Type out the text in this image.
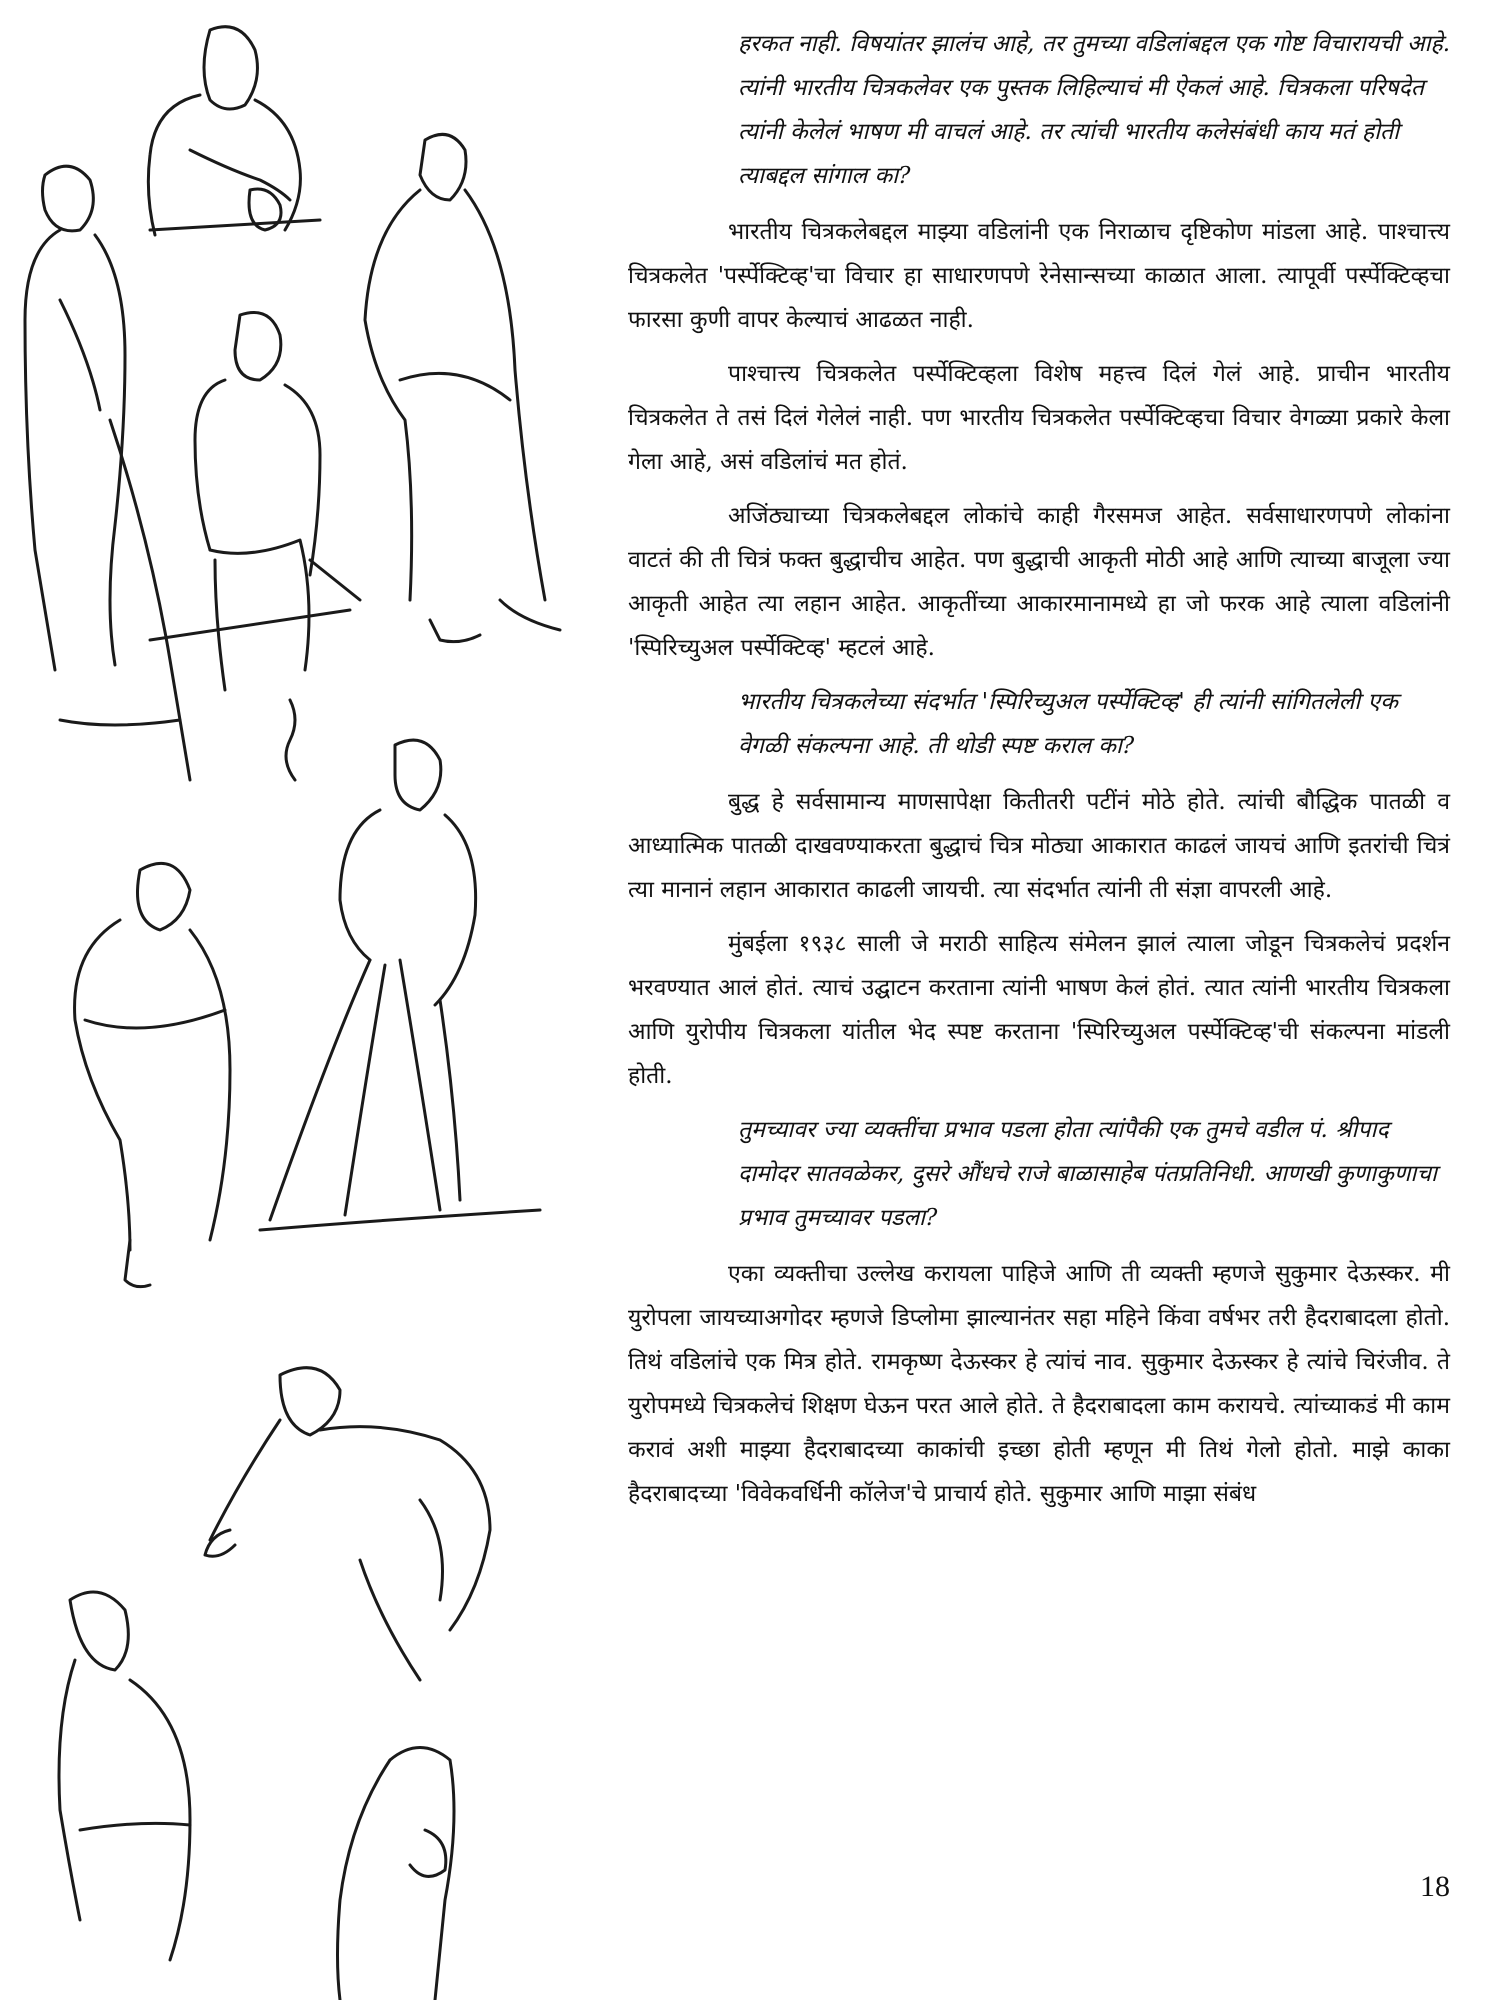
हरकत नाही. विषयांतर झालंच आहे, तर तुमच्या वडिलांबद्दल एक गोष्ट विचारायची आहे. त्यांनी भारतीय चित्रकलेवर एक पुस्तक लिहिल्याचं मी ऐकलं आहे. चित्रकला परिषदेत त्यांनी केलेलं भाषण मी वाचलं आहे. तर त्यांची भारतीय कलेसंबंधी काय मतं होती त्याबद्दल सांगाल का?

भारतीय चित्रकलेबद्दल माझ्या वडिलांनी एक निराळाच दृष्टिकोण मांडला आहे. पाश्चात्त्य चित्रकलेत 'पर्स्पेक्टिव्ह'चा विचार हा साधारणपणे रेनेसान्सच्या काळात आला. त्यापूर्वी पर्स्पेक्टिव्हचा फारसा कुणी वापर केल्याचं आढळत नाही.

पाश्चात्त्य चित्रकलेत पर्स्पेक्टिव्हला विशेष महत्त्व दिलं गेलं आहे. प्राचीन भारतीय चित्रकलेत ते तसं दिलं गेलेलं नाही. पण भारतीय चित्रकलेत पर्स्पेक्टिव्हचा विचार वेगळ्या प्रकारे केला गेला आहे, असं वडिलांचं मत होतं.

अजिंठ्याच्या चित्रकलेबद्दल लोकांचे काही गैरसमज आहेत. सर्वसाधारणपणे लोकांना वाटतं की ती चित्रं फक्त बुद्धाचीच आहेत. पण बुद्धाची आकृती मोठी आहे आणि त्याच्या बाजूला ज्या आकृती आहेत त्या लहान आहेत. आकृतींच्या आकारमानामध्ये हा जो फरक आहे त्याला वडिलांनी 'स्पिरिच्युअल पर्स्पेक्टिव्ह' म्हटलं आहे.

भारतीय चित्रकलेच्या संदर्भात 'स्पिरिच्युअल पर्स्पेक्टिव्ह' ही त्यांनी सांगितलेली एक वेगळी संकल्पना आहे. ती थोडी स्पष्ट कराल का?

बुद्ध हे सर्वसामान्य माणसापेक्षा कितीतरी पटींनं मोठे होते. त्यांची बौद्धिक पातळी व आध्यात्मिक पातळी दाखवण्याकरता बुद्धाचं चित्र मोठ्या आकारात काढलं जायचं आणि इतरांची चित्रं त्या मानानं लहान आकारात काढली जायची. त्या संदर्भात त्यांनी ती संज्ञा वापरली आहे.

मुंबईला १९३८ साली जे मराठी साहित्य संमेलन झालं त्याला जोडून चित्रकलेचं प्रदर्शन भरवण्यात आलं होतं. त्याचं उद्घाटन करताना त्यांनी भाषण केलं होतं. त्यात त्यांनी भारतीय चित्रकला आणि युरोपीय चित्रकला यांतील भेद स्पष्ट करताना 'स्पिरिच्युअल पर्स्पेक्टिव्ह'ची संकल्पना मांडली होती.

तुमच्यावर ज्या व्यक्तींचा प्रभाव पडला होता त्यांपैकी एक तुमचे वडील पं. श्रीपाद दामोदर सातवळेकर, दुसरे औंधचे राजे बाळासाहेब पंतप्रतिनिधी. आणखी कुणाकुणाचा प्रभाव तुमच्यावर पडला?

एका व्यक्तीचा उल्लेख करायला पाहिजे आणि ती व्यक्ती म्हणजे सुकुमार देऊस्कर. मी युरोपला जायच्याअगोदर म्हणजे डिप्लोमा झाल्यानंतर सहा महिने किंवा वर्षभर तरी हैदराबादला होतो. तिथं वडिलांचे एक मित्र होते. रामकृष्ण देऊस्कर हे त्यांचं नाव. सुकुमार देऊस्कर हे त्यांचे चिरंजीव. ते युरोपमध्ये चित्रकलेचं शिक्षण घेऊन परत आले होते. ते हैदराबादला काम करायचे. त्यांच्याकडं मी काम करावं अशी माझ्या हैदराबादच्या काकांची इच्छा होती म्हणून मी तिथं गेलो होतो. माझे काका हैदराबादच्या 'विवेकवर्धिनी कॉलेज'चे प्राचार्य होते. सुकुमार आणि माझा संबंध

18
